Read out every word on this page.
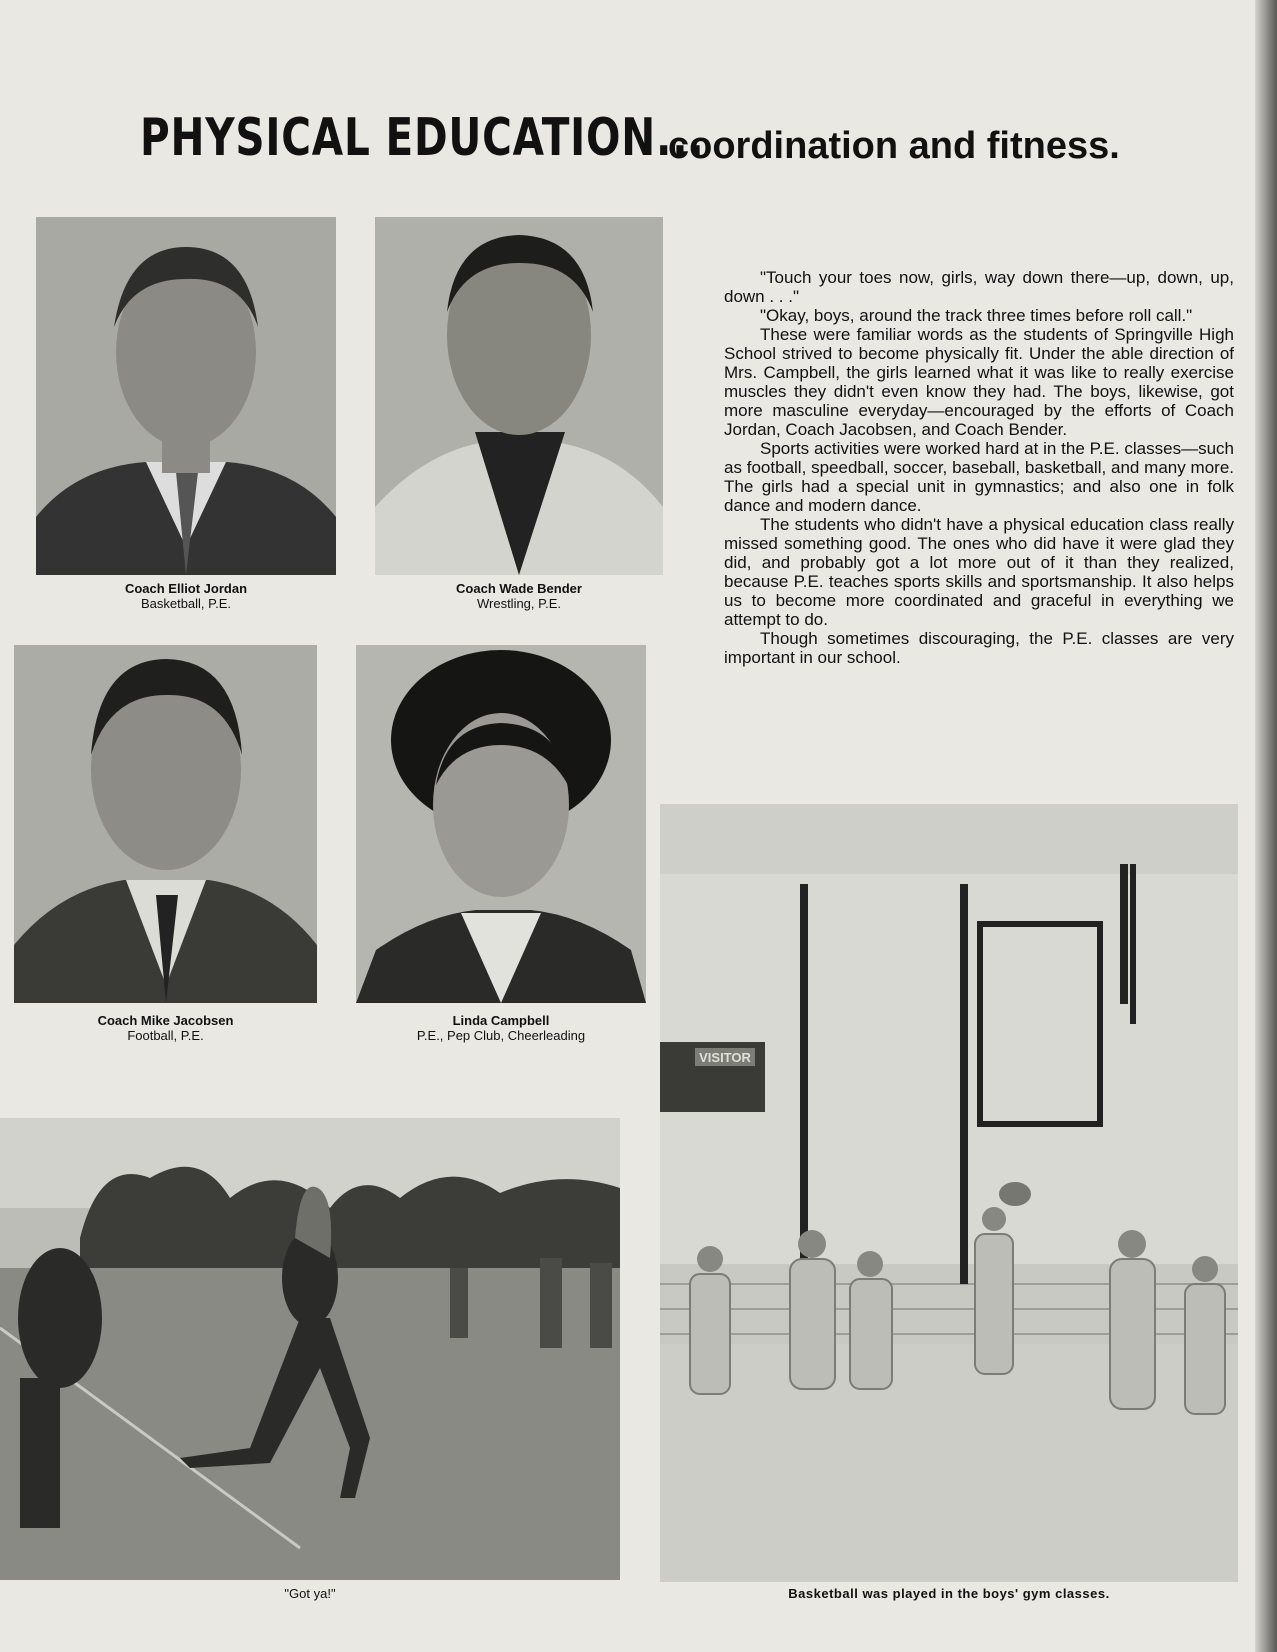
PHYSICAL EDUCATION...
coordination and fitness.
Coach Elliot Jordan
Basketball, P.E.
Coach Wade Bender
Wrestling, P.E.
Coach Mike Jacobsen
Football, P.E.
Linda Campbell
P.E., Pep Club, Cheerleading

"Touch your toes now, girls, way down there—up, down, up, down . . ."

"Okay, boys, around the track three times before roll call."

These were familiar words as the students of Springville High School strived to become physically fit. Under the able direction of Mrs. Campbell, the girls learned what it was like to really exercise muscles they didn't even know they had. The boys, likewise, got more masculine everyday—encouraged by the efforts of Coach Jordan, Coach Jacobsen, and Coach Bender.

Sports activities were worked hard at in the P.E. classes—such as football, speedball, soccer, baseball, basketball, and many more. The girls had a special unit in gymnastics; and also one in folk dance and modern dance.

The students who didn't have a physical education class really missed something good. The ones who did have it were glad they did, and probably got a lot more out of it than they realized, because P.E. teaches sports skills and sportsmanship. It also helps us to become more coordinated and graceful in everything we attempt to do.

Though sometimes discouraging, the P.E. classes are very important in our school.

VISITOR
Basketball was played in the boys' gym classes.
"Got ya!"
